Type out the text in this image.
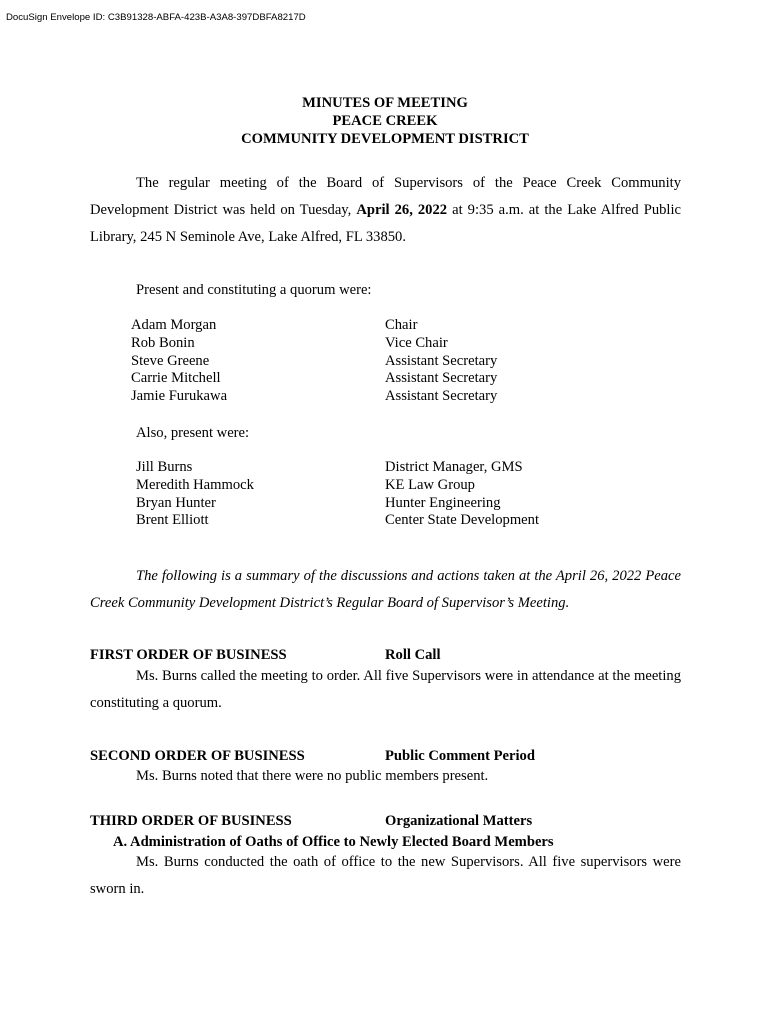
DocuSign Envelope ID: C3B91328-ABFA-423B-A3A8-397DBFA8217D
MINUTES OF MEETING
PEACE CREEK
COMMUNITY DEVELOPMENT DISTRICT
The regular meeting of the Board of Supervisors of the Peace Creek Community Development District was held on Tuesday, April 26, 2022 at 9:35 a.m. at the Lake Alfred Public Library, 245 N Seminole Ave, Lake Alfred, FL 33850.
Present and constituting a quorum were:
Adam Morgan	Chair
Rob Bonin	Vice Chair
Steve Greene	Assistant Secretary
Carrie Mitchell	Assistant Secretary
Jamie Furukawa	Assistant Secretary
Also, present were:
Jill Burns	District Manager, GMS
Meredith Hammock	KE Law Group
Bryan Hunter	Hunter Engineering
Brent Elliott	Center State Development
The following is a summary of the discussions and actions taken at the April 26, 2022 Peace Creek Community Development District’s Regular Board of Supervisor’s Meeting.
FIRST ORDER OF BUSINESS	Roll Call
Ms. Burns called the meeting to order. All five Supervisors were in attendance at the meeting constituting a quorum.
SECOND ORDER OF BUSINESS	Public Comment Period
Ms. Burns noted that there were no public members present.
THIRD ORDER OF BUSINESS	Organizational Matters
A. Administration of Oaths of Office to Newly Elected Board Members
Ms. Burns conducted the oath of office to the new Supervisors. All five supervisors were sworn in.
